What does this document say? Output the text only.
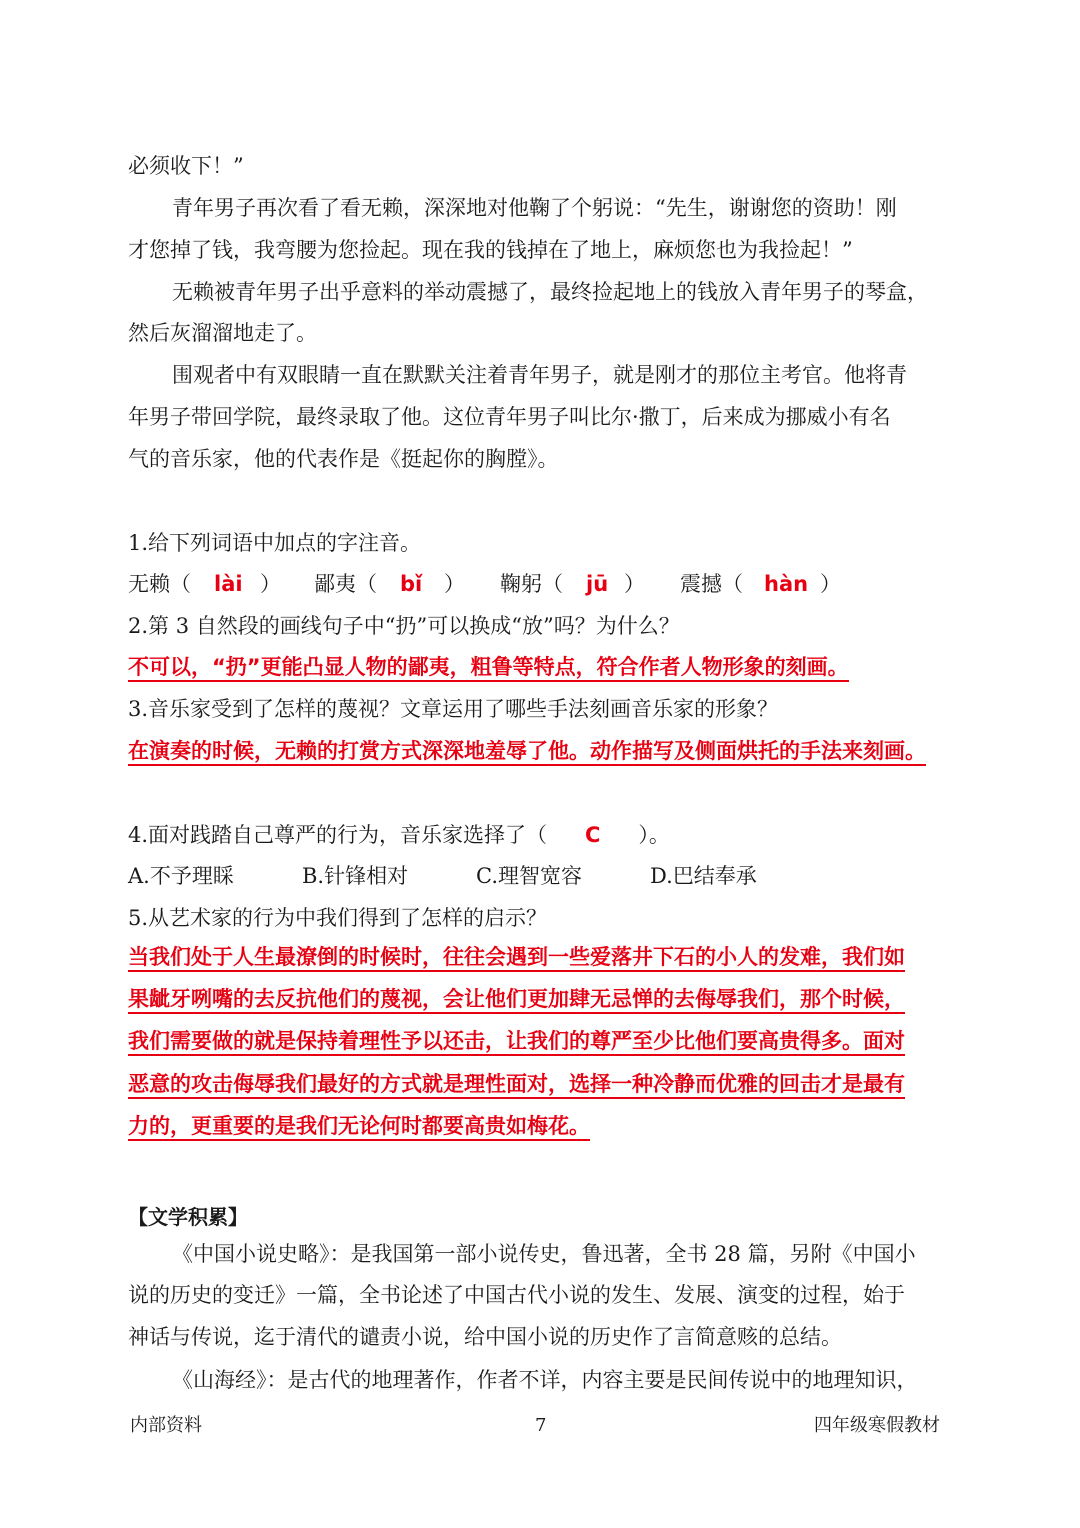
必须收下！”
青年男子再次看了看无赖，深深地对他鞠了个躬说：“先生，谢谢您的资助！刚
才您掉了钱，我弯腰为您捡起。现在我的钱掉在了地上，麻烦您也为我捡起！”
无赖被青年男子出乎意料的举动震撼了，最终捡起地上的钱放入青年男子的琴盒，
然后灰溜溜地走了。
围观者中有双眼睛一直在默默关注着青年男子，就是刚才的那位主考官。他将青
年男子带回学院，最终录取了他。这位青年男子叫比尔·撒丁，后来成为挪威小有名
气的音乐家，他的代表作是《挺起你的胸膛》。
1.给下列词语中加点的字注音。
无赖（ lài ） 鄙夷（ bǐ ） 鞠躬（ jū ） 震撼（ hàn ）
2.第 3 自然段的画线句子中“扔”可以换成“放”吗？为什么？
不可以，“扔”更能凸显人物的鄙夷，粗鲁等特点，符合作者人物形象的刻画。
3.音乐家受到了怎样的蔑视？文章运用了哪些手法刻画音乐家的形象？
在演奏的时候，无赖的打赏方式深深地羞辱了他。动作描写及侧面烘托的手法来刻画。
4.面对践踏自己尊严的行为，音乐家选择了（ C ）。
A.不予理睬	B.针锋相对	C.理智宽容	D.巴结奉承
5.从艺术家的行为中我们得到了怎样的启示？
当我们处于人生最潦倒的时候时，往往会遇到一些爱落井下石的小人的发难，我们如
果龇牙咧嘴的去反抗他们的蔑视，会让他们更加肆无忌惮的去侮辱我们，那个时候，
我们需要做的就是保持着理性予以还击，让我们的尊严至少比他们要高贵得多。面对
恶意的攻击侮辱我们最好的方式就是理性面对，选择一种冷静而优雅的回击才是最有
力的，更重要的是我们无论何时都要高贵如梅花。
【文学积累】
《中国小说史略》：是我国第一部小说传史，鲁迅著，全书 28 篇，另附《中国小
说的历史的变迁》一篇，全书论述了中国古代小说的发生、发展、演变的过程，始于
神话与传说，迄于清代的谴责小说，给中国小说的历史作了言简意赅的总结。
《山海经》：是古代的地理著作，作者不详，内容主要是民间传说中的地理知识，
内部资料	7	四年级寒假教材
